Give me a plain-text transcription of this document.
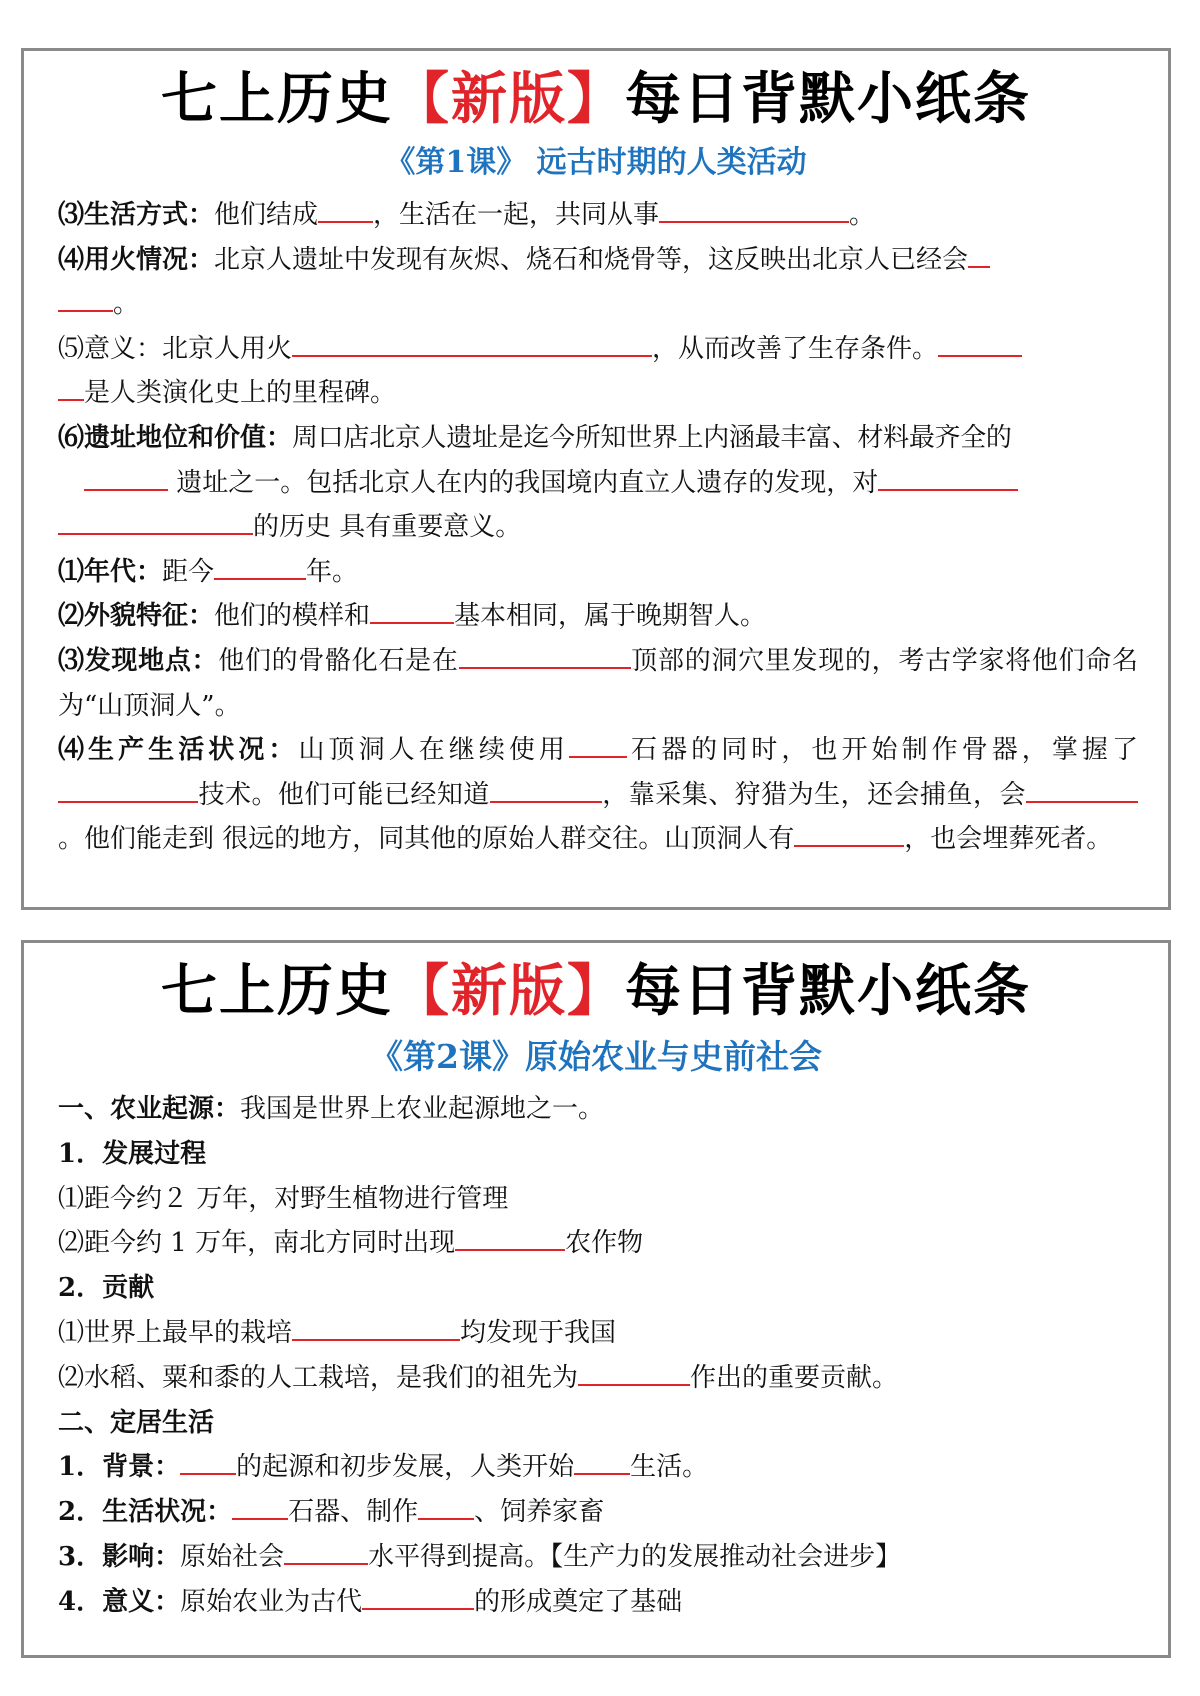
七上历史【新版】每日背默小纸条
《第1课》 远古时期的人类活动
⑶生活方式：他们结成 ，生活在一起，共同从事	。
⑷用火情况：北京人遗址中发现有灰烬、烧石和烧骨等，这反映出北京人已经会
。
⑸意义：北京人用火	，从而改善了生存条件。
是人类演化史上的里程碑。
⑹遗址地位和价值：周口店北京人遗址是迄今所知世界上内涵最丰富、材料最齐全的
遗址之一。包括北京人在内的我国境内直立人遗存的发现，对
的历史 具有重要意义。
⑴年代：距今	年。
⑵外貌特征：他们的模样和	基本相同，属于晚期智人。
⑶发现地点：他们的骨骼化石是在	顶部的洞穴里发现的，考古学家将他们命名 为“山顶洞人”。
⑷生产生活状况：山顶洞人在继续使用 石器的同时，也开始制作骨器，掌握了技术。他们可能已经知道	，靠采集、狩猎为生，还会捕鱼，会。他们能走到 很远的地方，同其他的原始人群交往。山顶洞人有	，也会埋葬死者。
七上历史【新版】每日背默小纸条
《第2课》原始农业与史前社会
一、农业起源：我国是世界上农业起源地之一。
1．发展过程
⑴距今约２ 万年，对野生植物进行管理
⑵距今约 1 万年，南北方同时出现	农作物
2．贡献
⑴世界上最早的栽培	均发现于我国
⑵水稻、粟和黍的人工栽培，是我们的祖先为	作出的重要贡献。
二、定居生活
1．背景： 的起源和初步发展，人类开始 生活。
2．生活状况： 石器、制作 、饲养家畜
3．影响：原始社会	水平得到提高。【生产力的发展推动社会进步】
4．意义：原始农业为古代	的形成奠定了基础
